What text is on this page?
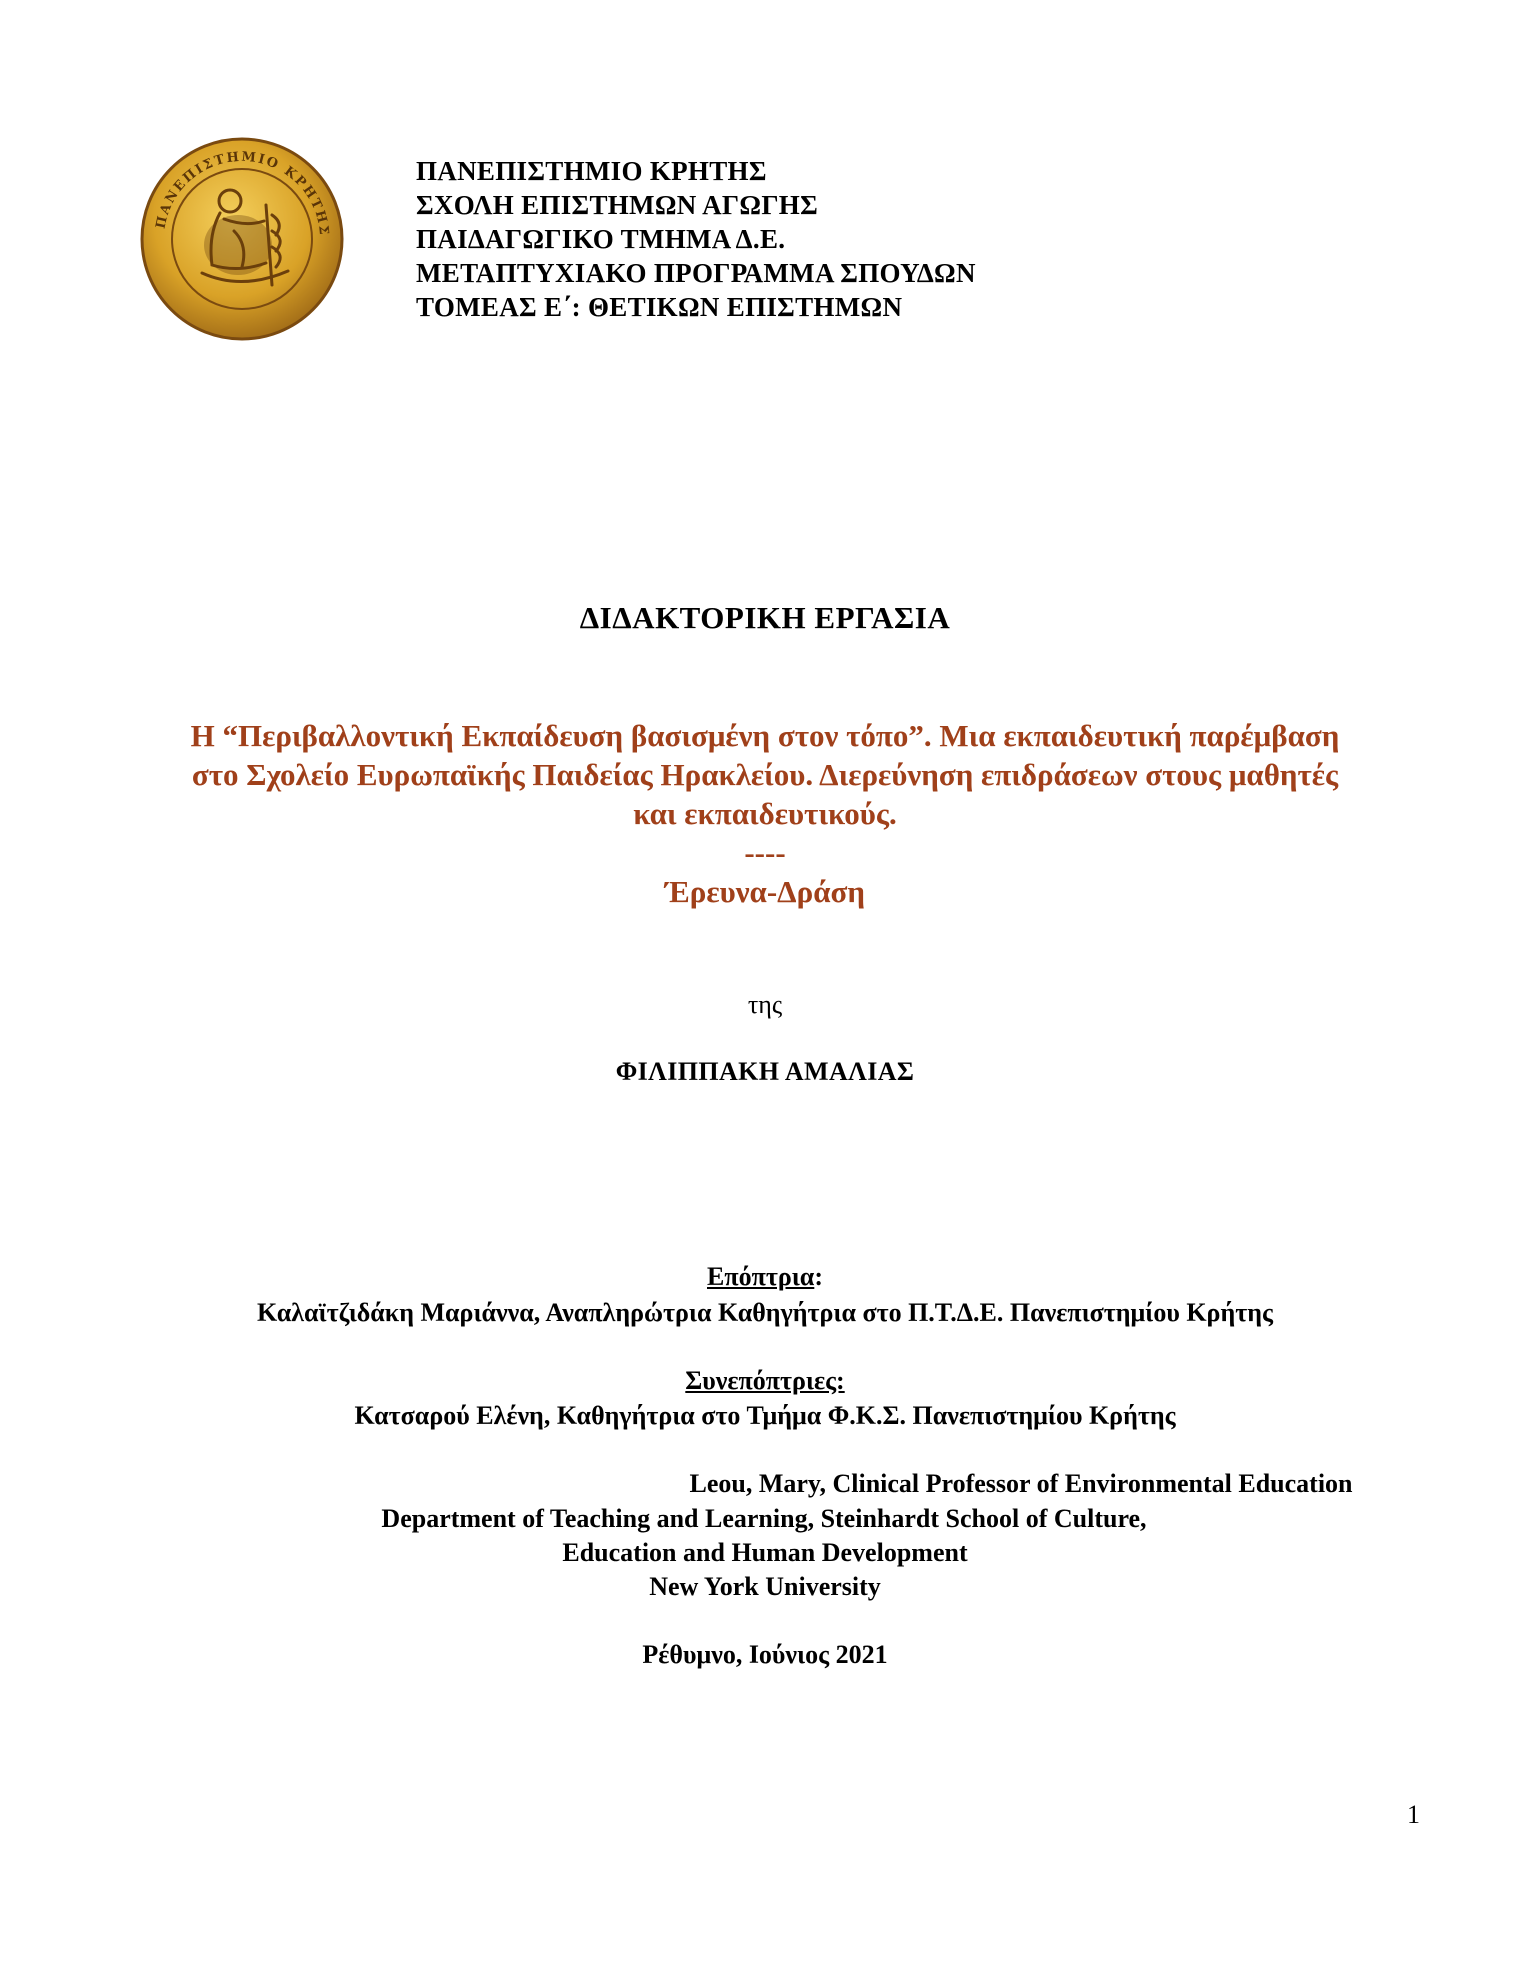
ΠΑΝΕΠΙΣΤΗΜΙΟ ΚΡΗΤΗΣ
ΠΑΝΕΠΙΣΤΗΜΙΟ ΚΡΗΤΗΣ
ΣΧΟΛΗ ΕΠΙΣΤΗΜΩΝ ΑΓΩΓΗΣ
ΠΑΙΔΑΓΩΓΙΚΟ ΤΜΗΜΑ Δ.Ε.
ΜΕΤΑΠΤΥΧΙΑΚΟ ΠΡΟΓΡΑΜΜΑ ΣΠΟΥΔΩΝ
ΤΟΜΕΑΣ Ε΄: ΘΕΤΙΚΩΝ ΕΠΙΣΤΗΜΩΝ
ΔΙΔΑΚΤΟΡΙΚΗ ΕΡΓΑΣΙΑ
Η “Περιβαλλοντική Εκπαίδευση βασισμένη στον τόπο”. Μια εκπαιδευτική παρέμβαση
στο Σχολείο Ευρωπαϊκής Παιδείας Ηρακλείου. Διερεύνηση επιδράσεων στους μαθητές
και εκπαιδευτικούς.
----
Έρευνα-Δράση
της
ΦΙΛΙΠΠΑΚΗ ΑΜΑΛΙΑΣ
Επόπτρια:
Καλαϊτζιδάκη Μαριάννα, Αναπληρώτρια Καθηγήτρια στο Π.Τ.Δ.Ε. Πανεπιστημίου Κρήτης
Συνεπόπτριες:
Κατσαρού Ελένη, Καθηγήτρια στο Τμήμα Φ.Κ.Σ. Πανεπιστημίου Κρήτης
Leou, Mary, Clinical Professor of Environmental Education
Department of Teaching and Learning, Steinhardt School of Culture,
Education and Human Development
New York University
Ρέθυμνο, Ιούνιος 2021
1
